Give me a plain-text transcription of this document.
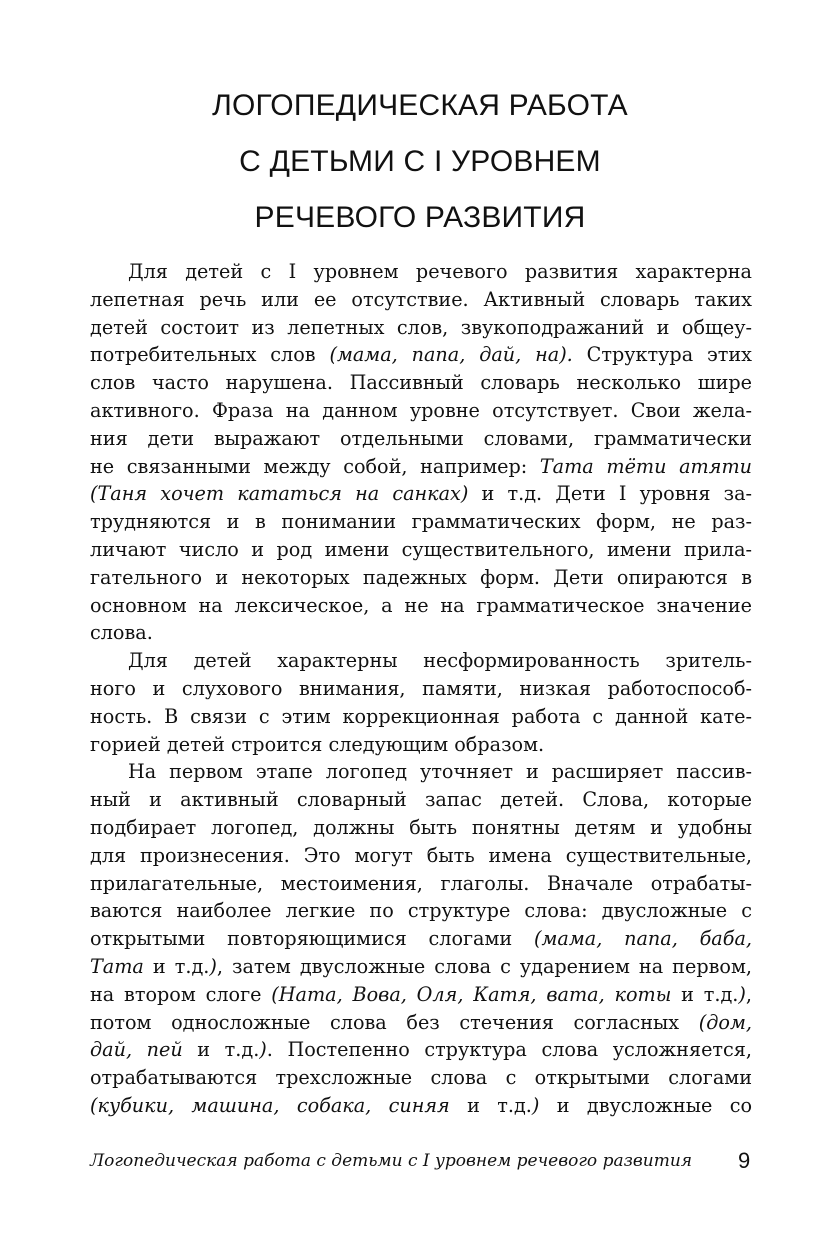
ЛОГОПЕДИЧЕСКАЯ РАБОТА
С ДЕТЬМИ С I УРОВНЕМ
РЕЧЕВОГО РАЗВИТИЯ
Для детей с I уровнем речевого развития характерна
лепетная речь или ее отсутствие. Активный словарь таких
детей состоит из лепетных слов, звукоподражаний и общеу-
потребительных слов (мама, папа, дай, на). Структура этих
слов часто нарушена. Пассивный словарь несколько шире
активного. Фраза на данном уровне отсутствует. Свои жела-
ния дети выражают отдельными словами, грамматически
не связанными между собой, например: Тата тёти атяти
(Таня хочет кататься на санках) и т.д. Дети I уровня за-
трудняются и в понимании грамматических форм, не раз-
личают число и род имени существительного, имени прила-
гательного и некоторых падежных форм. Дети опираются в
основном на лексическое, а не на грамматическое значение
слова.
Для детей характерны несформированность зритель-
ного и слухового внимания, памяти, низкая работоспособ-
ность. В связи с этим коррекционная работа с данной кате-
горией детей строится следующим образом.
На первом этапе логопед уточняет и расширяет пассив-
ный и активный словарный запас детей. Слова, которые
подбирает логопед, должны быть понятны детям и удобны
для произнесения. Это могут быть имена существительные,
прилагательные, местоимения, глаголы. Вначале отрабаты-
ваются наиболее легкие по структуре слова: двусложные с
открытыми повторяющимися слогами (мама, папа, баба,
Тата и т.д.), затем двусложные слова с ударением на первом,
на втором слоге (Ната, Вова, Оля, Катя, вата, коты и т.д.),
потом односложные слова без стечения согласных (дом,
дай, пей и т.д.). Постепенно структура слова усложняется,
отрабатываются трехсложные слова с открытыми слогами
(кубики, машина, собака, синяя и т.д.) и двусложные со
Логопедическая работа с детьми с I уровнем речевого развития	9
